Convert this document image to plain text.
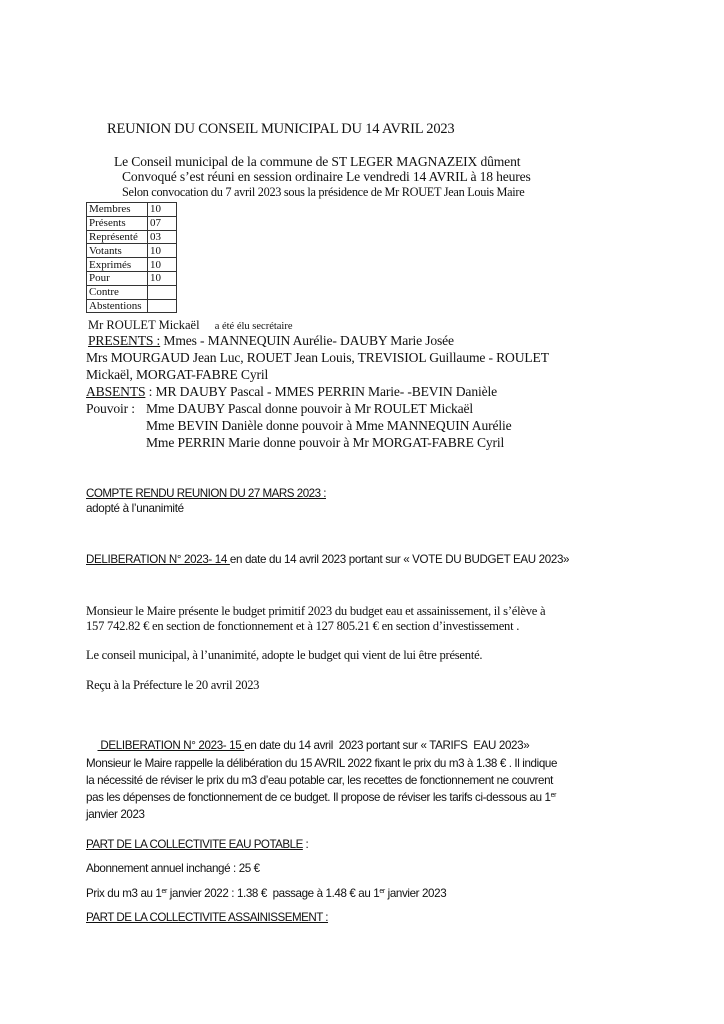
REUNION DU CONSEIL MUNICIPAL DU 14 AVRIL 2023
Le Conseil municipal de la commune de ST LEGER MAGNAZEIX dûment
Convoqué s’est réuni en session ordinaire Le vendredi 14 AVRIL à 18 heures
Selon convocation du 7 avril 2023 sous la présidence de Mr ROUET Jean Louis Maire
Membres	10
Présents	07
Représenté	03
Votants	10
Exprimés	10
Pour	10
Contre	
Abstentions	
Mr ROULET Mickaël a été élu secrétaire
PRESENTS : Mmes - MANNEQUIN Aurélie- DAUBY Marie Josée
Mrs MOURGAUD Jean Luc, ROUET Jean Louis, TREVISIOL Guillaume - ROULET
Mickaël, MORGAT-FABRE Cyril
ABSENTS : MR DAUBY Pascal - MMES PERRIN Marie- -BEVIN Danièle
Pouvoir : Mme DAUBY Pascal donne pouvoir à Mr ROULET Mickaël
Mme BEVIN Danièle donne pouvoir à Mme MANNEQUIN Aurélie
Mme PERRIN Marie donne pouvoir à Mr MORGAT-FABRE Cyril
COMPTE RENDU REUNION DU 27 MARS 2023 :
adopté à l’unanimité
DELIBERATION N° 2023- 14 en date du 14 avril 2023 portant sur « VOTE DU BUDGET EAU 2023»
Monsieur le Maire présente le budget primitif 2023 du budget eau et assainissement, il s’élève à
157 742.82 € en section de fonctionnement et à 127 805.21 € en section d’investissement .
Le conseil municipal, à l’unanimité, adopte le budget qui vient de lui être présenté.
Reçu à la Préfecture le 20 avril 2023

DELIBERATION N° 2023- 15 en date du 14 avril  2023 portant sur « TARIFS  EAU 2023»

Monsieur le Maire rappelle la délibération du 15 AVRIL 2022 fixant le prix du m3 à 1.38 € . Il indique
la nécessité de réviser le prix du m3 d’eau potable car, les recettes de fonctionnement ne couvrent
pas les dépenses de fonctionnement de ce budget. Il propose de réviser les tarifs ci-dessous au 1er
janvier 2023
PART DE LA COLLECTIVITE EAU POTABLE :
Abonnement annuel inchangé : 25 €
Prix du m3 au 1er janvier 2022 : 1.38 €  passage à 1.48 € au 1er janvier 2023
PART DE LA COLLECTIVITE ASSAINISSEMENT :
